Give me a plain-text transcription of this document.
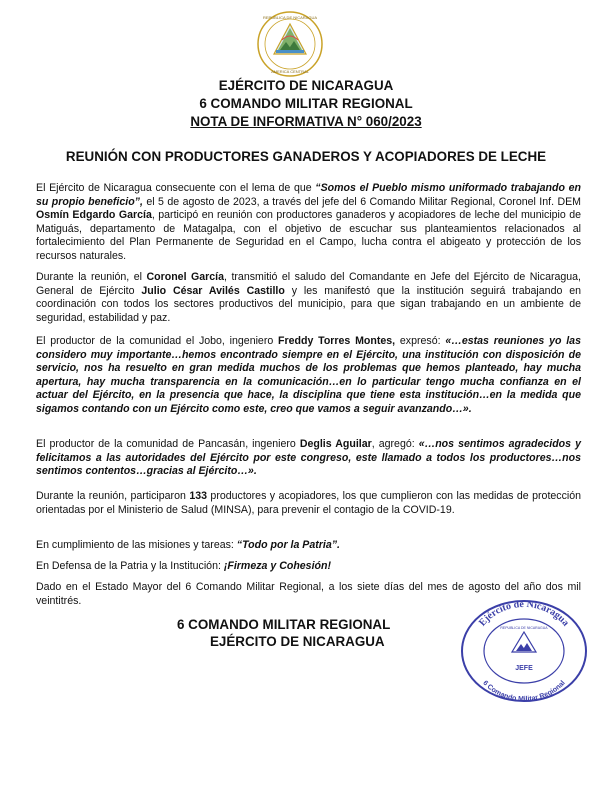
REPUBLICA DE NICARAGUA
AMERICA CENTRAL
EJÉRCITO DE NICARAGUA
6 COMANDO MILITAR REGIONAL
NOTA DE INFORMATIVA N° 060/2023
REUNIÓN CON PRODUCTORES GANADEROS Y ACOPIADORES DE LECHE

El Ejército de Nicaragua consecuente con el lema de que “Somos el Pueblo mismo uniformado trabajando en su propio beneficio”, el 5 de agosto de 2023, a través del jefe del 6 Comando Militar Regional, Coronel Inf. DEM Osmín Edgardo García, participó en reunión con productores ganaderos y acopiadores de leche del municipio de Matiguás, departamento de Matagalpa, con el objetivo de escuchar sus planteamientos relacionados al fortalecimiento del Plan Permanente de Seguridad en el Campo, lucha contra el abigeato y protección de los recursos naturales.

Durante la reunión, el Coronel García, transmitió el saludo del Comandante en Jefe del Ejército de Nicaragua, General de Ejército Julio César Avilés Castillo y les manifestó que la institución seguirá trabajando en coordinación con todos los sectores productivos del municipio, para que sigan trabajando en un ambiente de seguridad, estabilidad y paz.

El productor de la comunidad el Jobo, ingeniero Freddy Torres Montes, expresó: «…estas reuniones yo las considero muy importante…hemos encontrado siempre en el Ejército, una institución con disposición de servicio, nos ha resuelto en gran medida muchos de los problemas que hemos planteado, hay mucha apertura, hay mucha transparencia en la comunicación…en lo particular tengo mucha confianza en el actuar del Ejército, en la presencia que hace, la disciplina que tiene esta institución…en la medida que sigamos contando con un Ejército como este, creo que vamos a seguir avanzando…».

El productor de la comunidad de Pancasán, ingeniero Deglis Aguilar, agregó: «…nos sentimos agradecidos y felicitamos a las autoridades del Ejército por este congreso, este llamado a todos los productores…nos sentimos contentos…gracias al Ejército…».

Durante la reunión, participaron 133 productores y acopiadores, los que cumplieron con las medidas de protección orientadas por el Ministerio de Salud (MINSA), para prevenir el contagio de la COVID-19.

En cumplimiento de las misiones y tareas: “Todo por la Patria”.

En Defensa de la Patria y la Institución: ¡Firmeza y Cohesión!

Dado en el Estado Mayor del 6 Comando Militar Regional, a los siete días del mes de agosto del año dos mil veintitrés.

6 COMANDO MILITAR REGIONAL
EJÉRCITO DE NICARAGUA
Ejército de Nicaragua
6 Comando Militar Regional
REPUBLICA DE NICARAGUA
JEFE
